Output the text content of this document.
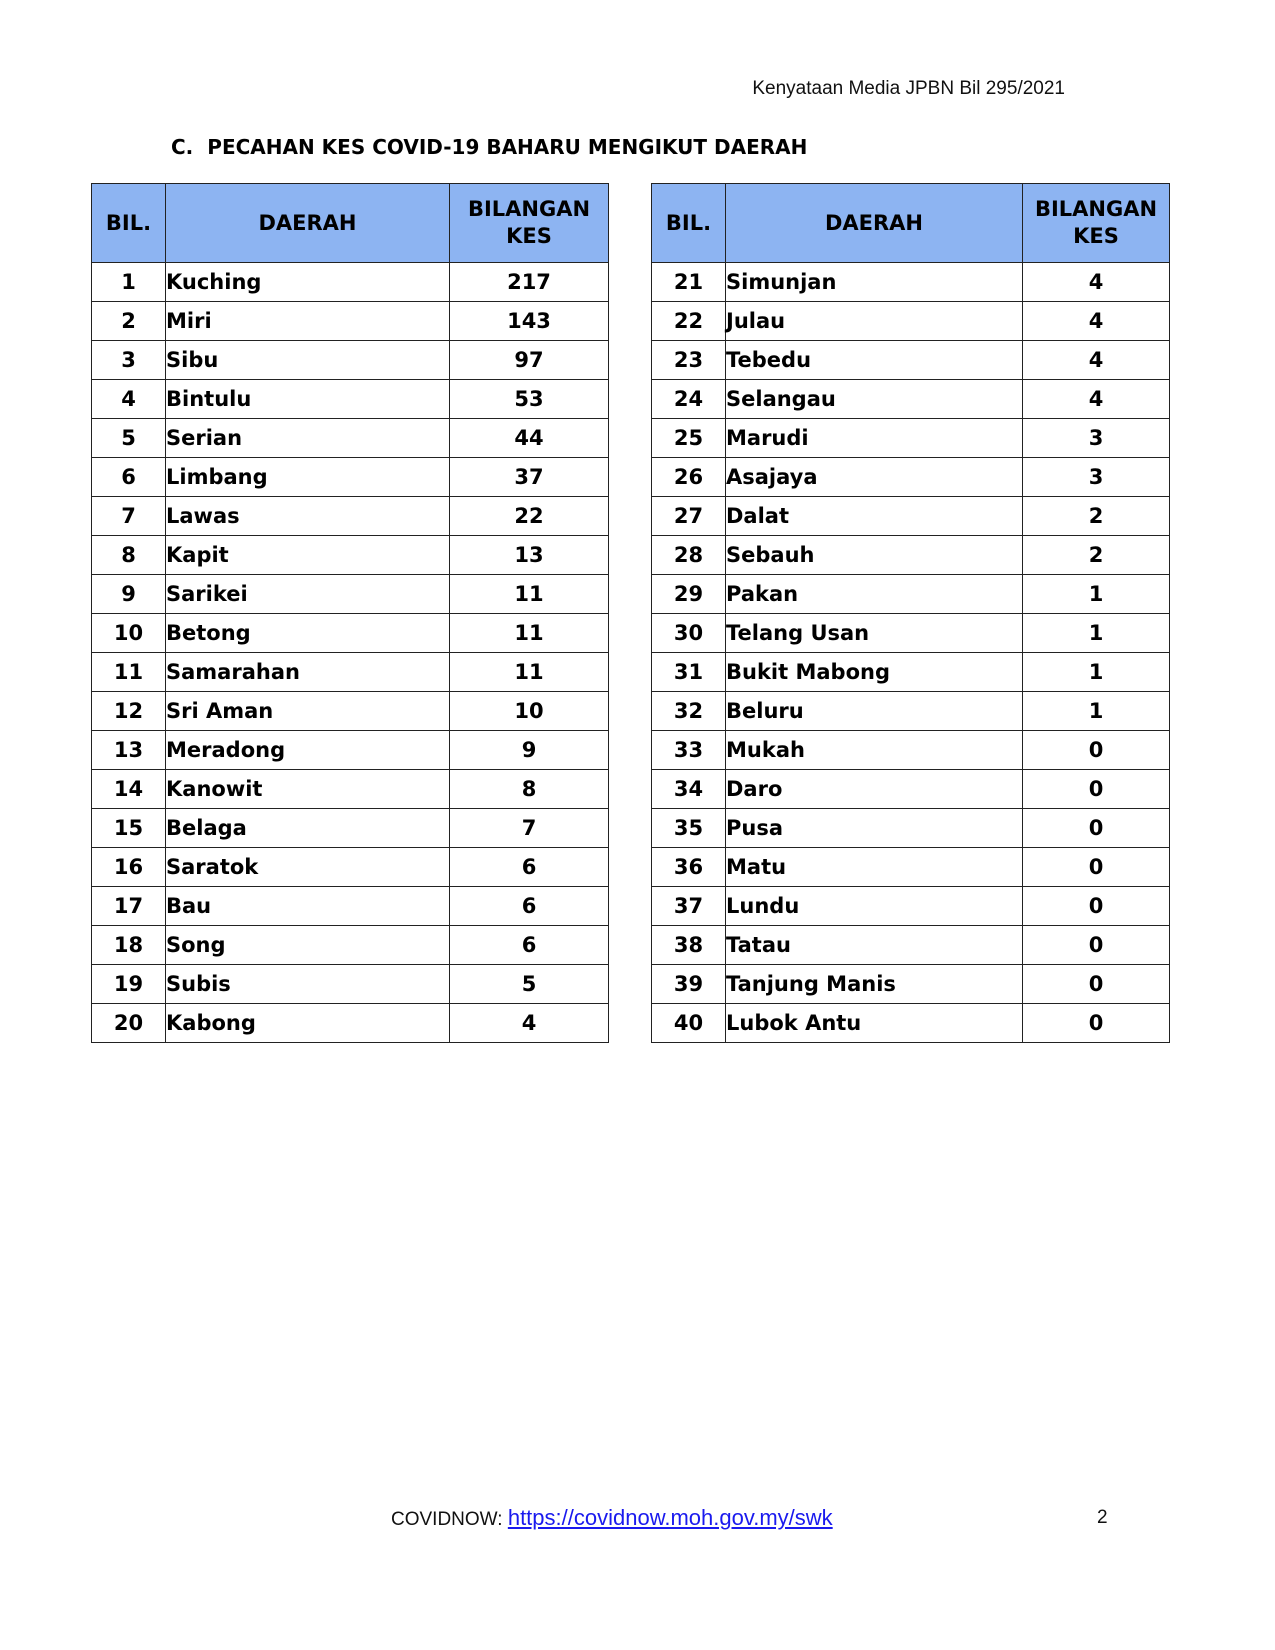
Kenyataan Media JPBN Bil 295/2021
C. PECAHAN KES COVID-19 BAHARU MENGIKUT DAERAH
BIL.	DAERAH	BILANGAN
KES
1	Kuching	217
2	Miri	143
3	Sibu	97
4	Bintulu	53
5	Serian	44
6	Limbang	37
7	Lawas	22
8	Kapit	13
9	Sarikei	11
10	Betong	11
11	Samarahan	11
12	Sri Aman	10
13	Meradong	9
14	Kanowit	8
15	Belaga	7
16	Saratok	6
17	Bau	6
18	Song	6
19	Subis	5
20	Kabong	4
BIL.	DAERAH	BILANGAN
KES
21	Simunjan	4
22	Julau	4
23	Tebedu	4
24	Selangau	4
25	Marudi	3
26	Asajaya	3
27	Dalat	2
28	Sebauh	2
29	Pakan	1
30	Telang Usan	1
31	Bukit Mabong	1
32	Beluru	1
33	Mukah	0
34	Daro	0
35	Pusa	0
36	Matu	0
37	Lundu	0
38	Tatau	0
39	Tanjung Manis	0
40	Lubok Antu	0
COVIDNOW: https://covidnow.moh.gov.my/swk	2
